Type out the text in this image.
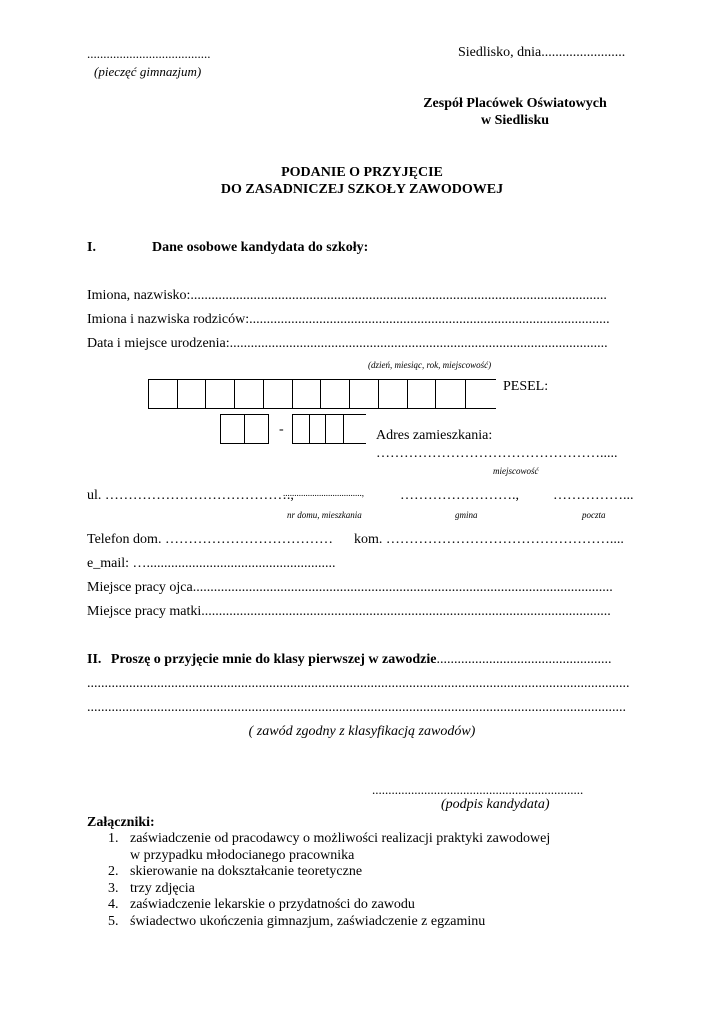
......................................
(pieczęć gimnazjum)
Siedlisko, dnia........................
Zespół Placówek Oświatowych
w Siedlisku
PODANIE O PRZYJĘCIE
DO ZASADNICZEJ SZKOŁY ZAWODOWEJ
I.	Dane osobowe kandydata do szkoły:
Imiona, nazwisko:.......................................................................................................................
Imiona i nazwiska rodziców:.......................................................................................................
Data i miejsce urodzenia:............................................................................................................
(dzień, miesiąc, rok, miejscowość)
PESEL:
-	Adres zamieszkania:
………………………………………….....
miejscowość
ul. ………………………………….,
...................................,	……………………., ……………...
nr domu, mieszkania	gmina	poczta
Telefon dom. ……………………………… kom. …………………………………………....
e_mail: …......................................................
Miejsce pracy ojca........................................................................................................................
Miejsce pracy matki.....................................................................................................................
II. Proszę o przyjęcie mnie do klasy pierwszej w zawodzie..................................................
...........................................................................................................................................................
..........................................................................................................................................................
( zawód zgodny z klasyfikacją zawodów)
.................................................................
(podpis kandydata)
Załączniki:
1. zaświadczenie od pracodawcy o możliwości realizacji praktyki zawodowej
w przypadku młodocianego pracownika
2. skierowanie na dokształcanie teoretyczne
3. trzy zdjęcia
4. zaświadczenie lekarskie o przydatności do zawodu
5. świadectwo ukończenia gimnazjum, zaświadczenie z egzaminu
